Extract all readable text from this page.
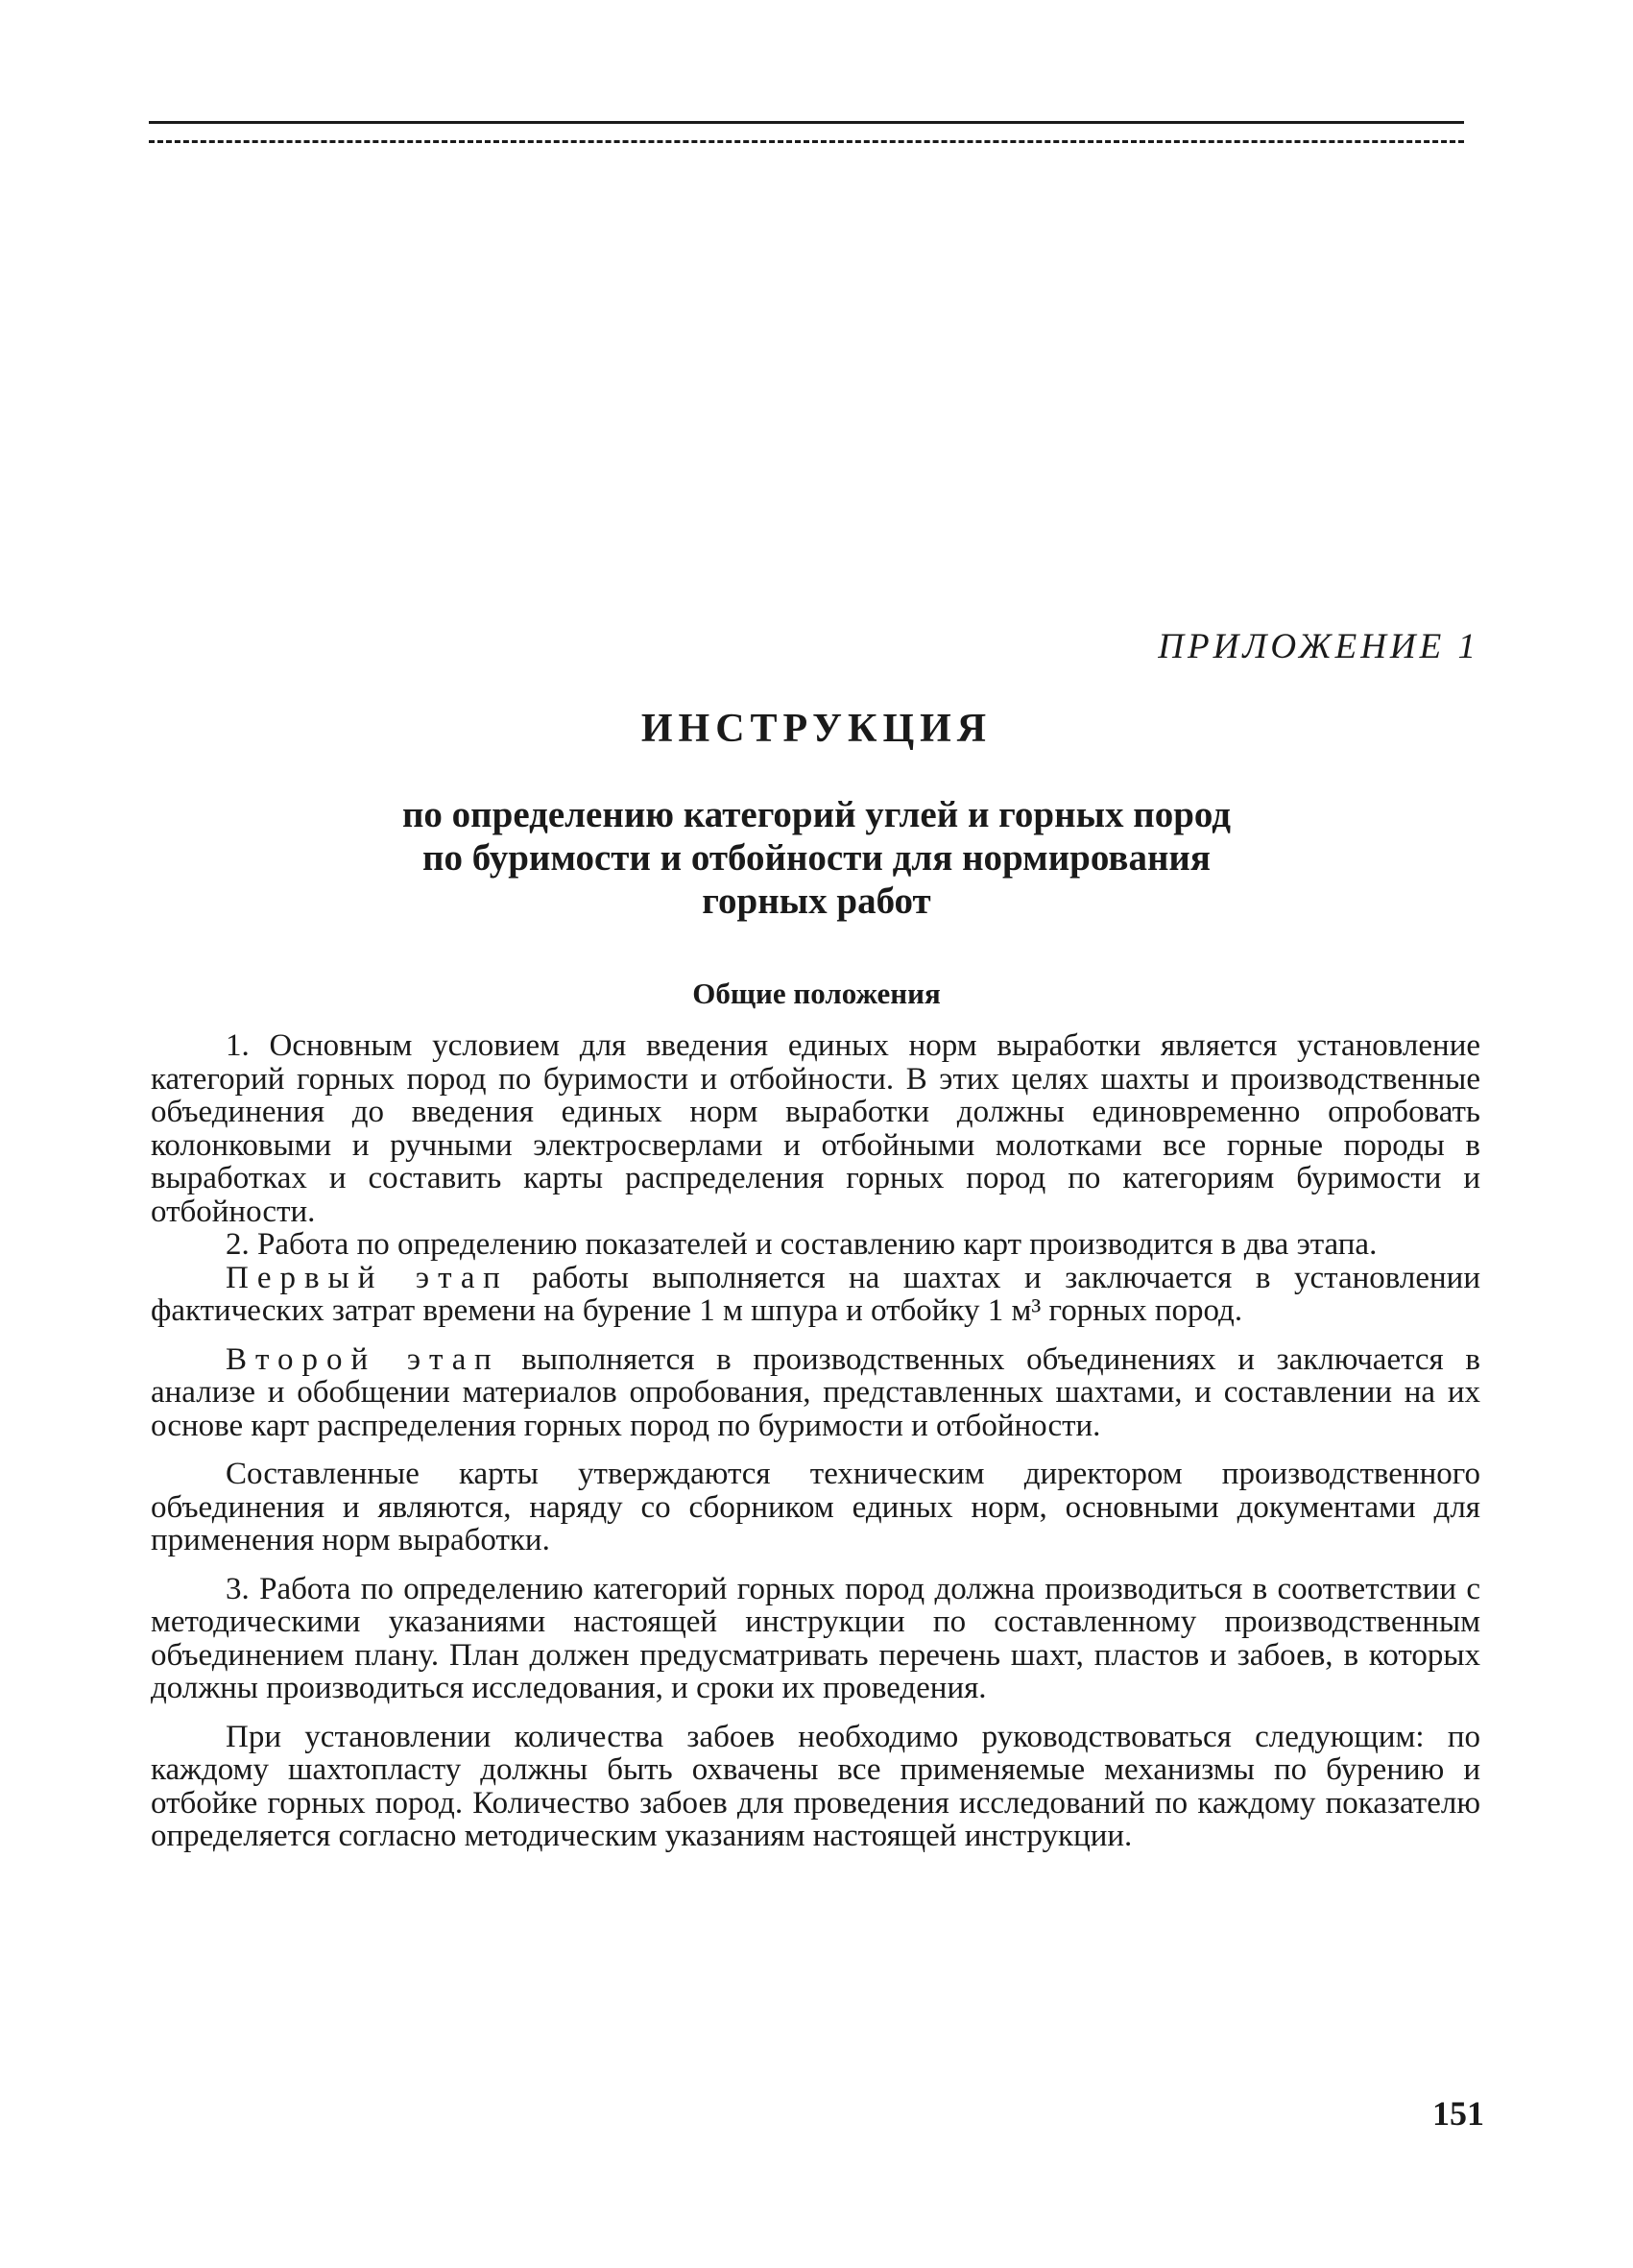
ПРИЛОЖЕНИЕ 1
ИНСТРУКЦИЯ
по определению категорий углей и горных пород
по буримости и отбойности для нормирования
горных работ
Общие положения

1. Основным условием для введения единых норм выработки является установление категорий горных пород по буримости и отбойности. В этих целях шахты и производственные объединения до введения единых норм выработки должны единовременно опробовать колонковыми и ручными электросверлами и отбойными молотками все горные породы в выработках и составить карты распределения горных пород по категориям буримости и отбойности.

2. Работа по определению показателей и составлению карт производится в два этапа.

Первый этап работы выполняется на шахтах и заключается в установлении фактических затрат времени на бурение 1 м шпура и отбойку 1 м³ горных пород.

Второй этап выполняется в производственных объединениях и заключается в анализе и обобщении материалов опробования, представленных шахтами, и составлении на их основе карт распределения горных пород по буримости и отбойности.

Составленные карты утверждаются техническим директором производственного объединения и являются, наряду со сборником единых норм, основными документами для применения норм выработки.

3. Работа по определению категорий горных пород должна производиться в соответствии с методическими указаниями настоящей инструкции по составленному производственным объединением плану. План должен предусматривать перечень шахт, пластов и забоев, в которых должны производиться исследования, и сроки их проведения.

При установлении количества забоев необходимо руководствоваться следующим: по каждому шахтопласту должны быть охвачены все применяемые механизмы по бурению и отбойке горных пород. Количество забоев для проведения исследований по каждому показателю определяется согласно методическим указаниям настоящей инструкции.

151
